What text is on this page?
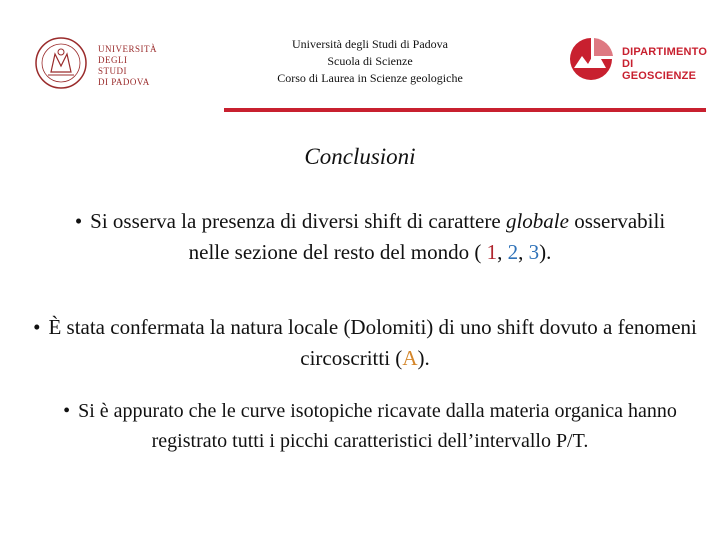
UNIVERSITÀ
DEGLI STUDI
DI PADOVA
Università degli Studi di Padova
Scuola di Scienze
Corso di Laurea in Scienze geologiche
DIPARTIMENTO
DI GEOSCIENZE
Conclusioni
• Si osserva la presenza di diversi shift di carattere globale osservabili nelle sezione del resto del mondo ( 1, 2, 3).
• È stata confermata la natura locale (Dolomiti) di uno shift dovuto a fenomeni circoscritti (A).
• Si è appurato che le curve isotopiche ricavate dalla materia organica hanno registrato tutti i picchi caratteristici dell’intervallo P/T.
